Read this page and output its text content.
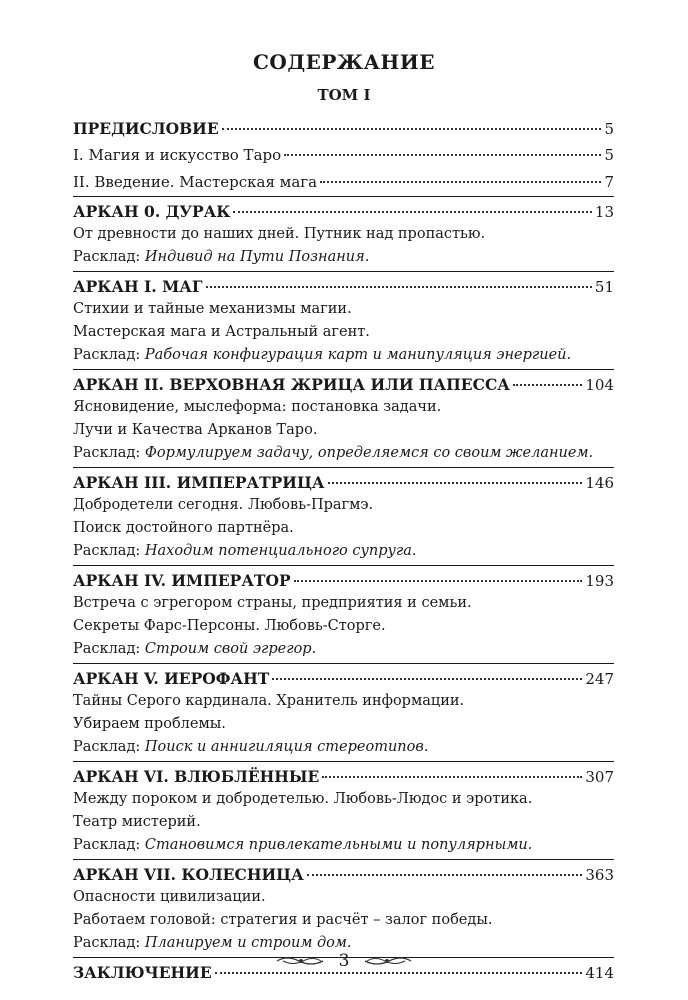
СОДЕРЖАНИЕ
ТОМ I
ПРЕДИСЛОВИЕ	5
I. Магия и искусство Таро	5
II. Введение. Мастерская мага	7
АРКАН 0. ДУРАК	13
От древности до наших дней. Путник над пропастью.
Расклад: Индивид на Пути Познания.
АРКАН I. МАГ	51
Стихии и тайные механизмы магии.
Мастерская мага и Астральный агент.
Расклад: Рабочая конфигурация карт и манипуляция энергией.
АРКАН II. ВЕРХОВНАЯ ЖРИЦА ИЛИ ПАПЕССА	104
Ясновидение, мыслеформа: постановка задачи.
Лучи и Качества Арканов Таро.
Расклад: Формулируем задачу, определяемся со своим желанием.
АРКАН III. ИМПЕРАТРИЦА	146
Добродетели сегодня. Любовь-Прагмэ.
Поиск достойного партнёра.
Расклад: Находим потенциального супруга.
АРКАН IV. ИМПЕРАТОР	193
Встреча с эгрегором страны, предприятия и семьи.
Секреты Фарс-Персоны. Любовь-Сторге.
Расклад: Строим свой эгрегор.
АРКАН V. ИЕРОФАНТ	247
Тайны Серого кардинала. Хранитель информации.
Убираем проблемы.
Расклад: Поиск и аннигиляция стереотипов.
АРКАН VI. ВЛЮБЛЁННЫЕ	307
Между пороком и добродетелью. Любовь-Людос и эротика.
Театр мистерий.
Расклад: Становимся привлекательными и популярными.
АРКАН VII. КОЛЕСНИЦА	363
Опасности цивилизации.
Работаем головой: стратегия и расчёт – залог победы.
Расклад: Планируем и строим дом.
ЗАКЛЮЧЕНИЕ	414
3
